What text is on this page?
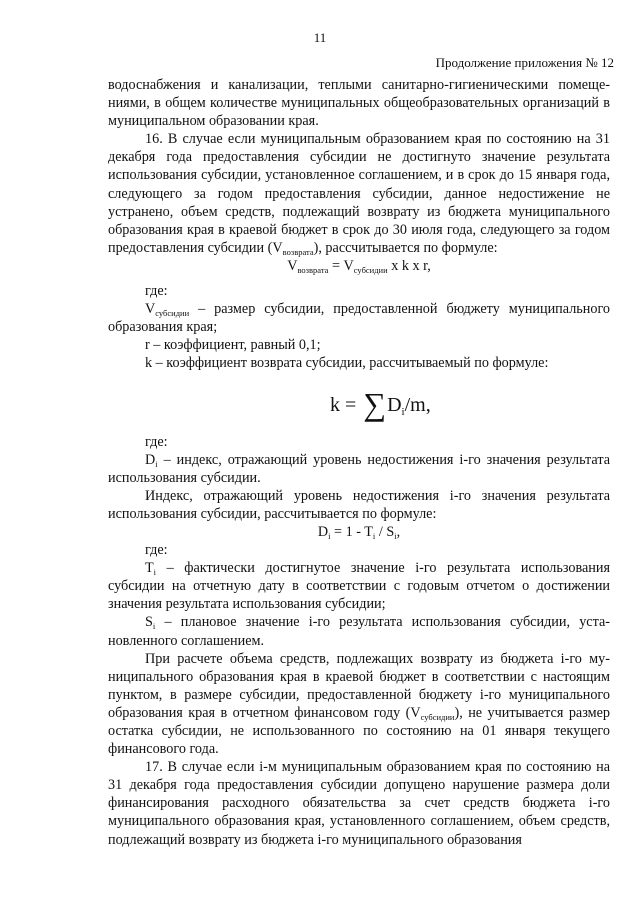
11
Продолжение приложения № 12

водоснабжения и канализации, теплыми санитарно-гигиеническими помещениями, в общем количестве муниципальных общеобразовательных организаций в муниципальном образовании края.

16. В случае если муниципальным образованием края по состоянию на 31 декабря года предоставления субсидии не достигнуто значение результата использования субсидии, установленное соглашением, и в срок до 15 января года, следующего за годом предоставления субсидии, данное недостижение не устранено, объем средств, подлежащий возврату из бюджета муниципального образования края в краевой бюджет в срок до 30 июля года, следующего за годом предоставления субсидии $(V_{возврата})$, рассчитывается по формуле:

$V_{возврата} = V_{субсидии}$ x k x r,

где:

$V_{субсидии}$ – размер субсидии, предоставленной бюджету муниципального образования края;

r – коэффициент, равный 0,1;

k – коэффициент возврата субсидии, рассчитываемый по формуле:

$k = \sum D_i/m$,

где:

$D_i$ – индекс, отражающий уровень недостижения i-го значения результата использования субсидии.

Индекс, отражающий уровень недостижения i-го значения результата использования субсидии, рассчитывается по формуле:

$D_i = 1 - T_i / S_i$,

где:

$T_i$ – фактически достигнутое значение i-го результата использования субсидии на отчетную дату в соответствии с годовым отчетом о достижении значения результата использования субсидии;

$S_i$ – плановое значение i-го результата использования субсидии, установленного соглашением.

При расчете объема средств, подлежащих возврату из бюджета i-го муниципального образования края в краевой бюджет в соответствии с настоящим пунктом, в размере субсидии, предоставленной бюджету i-го муниципального образования края в отчетном финансовом году $(V_{субсидии})$, не учитывается размер остатка субсидии, не использованного по состоянию на 01 января текущего финансового года.

17. В случае если i-м муниципальным образованием края по состоянию на 31 декабря года предоставления субсидии допущено нарушение размера доли финансирования расходного обязательства за счет средств бюджета i-го муниципального образования края, установленного соглашением, объем средств, подлежащий возврату из бюджета i-го муниципального образования
